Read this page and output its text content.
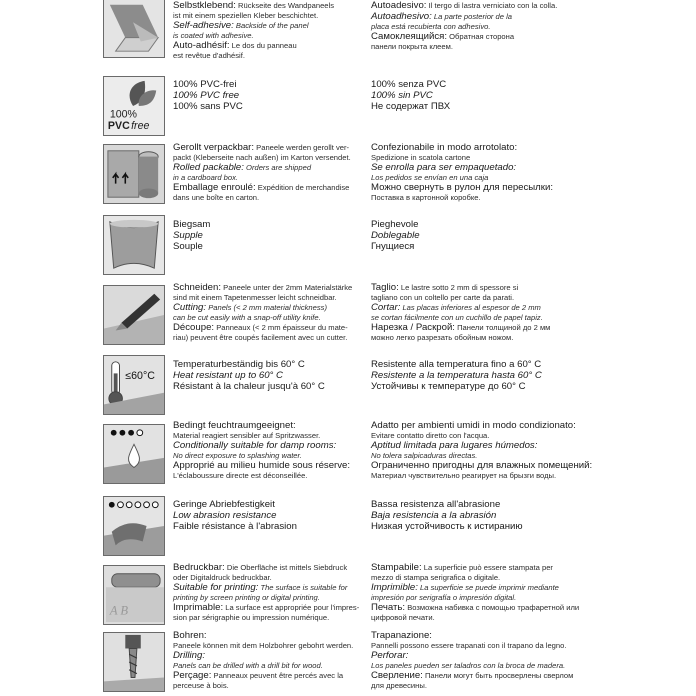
Selbstklebend: Rückseite des Wandpaneels
ist mit einem speziellen Kleber beschichtet.
Self-adhesive: Backside of the panel
is coated with adhesive.
Auto-adhésif: Le dos du panneau
est revêtue d'adhésif.
Autoadesivo: Il tergo di lastra verniciato con la colla.
Autoadhesivo: La parte posterior de la
placa está recubierta con adhesivo.
Самоклеящийся: Обратная сторона
панели покрыта клеем.
100%
PVC free
100% PVC-frei
100% PVC free
100% sans PVC
100% senza PVC
100% sin PVC
Не содержат ПВХ
Gerollt verpackbar: Paneele werden gerollt ver-
packt (Kleberseite nach außen) im Karton versendet.
Rolled packable: Orders are shipped
in a cardboard box.
Emballage enroulé: Expédition de merchandise
dans une boîte en carton.
Confezionabile in modo arrotolato:
Spedizione in scatola cartone
Se enrolla para ser empaquetado:
Los pedidos se envían en una caja
Можно свернуть в рулон для пересылки:
Поставка в картонной коробке.
Biegsam
Supple
Souple
Pieghevole
Doblegable
Гнущиеся
Schneiden: Paneele unter der 2mm Materialstärke
sind mit einem Tapetenmesser leicht schneidbar.
Cutting: Panels (< 2 mm material thickness)
can be cut easily with a snap-off utility knife.
Découpe: Panneaux (< 2 mm épaisseur du mate-
riau) peuvent être coupés facilement avec un cutter.
Taglio: Le lastre sotto 2 mm di spessore si
tagliano con un coltello per carte da parati.
Cortar: Las placas inferiores al espesor de 2 mm
se cortan fácilmente con un cuchillo de papel tapiz.
Нарезка / Раскрой: Панели толщиной до 2 мм
можно легко разрезать обойным ножом.
≤60°C
Temperaturbeständig bis 60° C
Heat resistant up to 60° C
Résistant à la chaleur jusqu'à 60° C
Resistente alla temperatura fino a 60° C
Resistente a la temperatura hasta 60° C
Устойчивы к температуре до 60° C
Bedingt feuchtraumgeeignet:
Material reagiert sensibler auf Spritzwasser.
Conditionally suitable for damp rooms:
No direct exposure to splashing water.
Approprié au milieu humide sous réserve:
L'éclaboussure directe est déconseillée.
Adatto per ambienti umidi in modo condizionato:
Evitare contatto diretto con l'acqua.
Aptitud limitada para lugares húmedos:
No tolera salpicaduras directas.
Ограниченно пригодны для влажных помещений:
Материал чувствительно реагирует на брызги воды.
Geringe Abriebfestigkeit
Low abrasion resistance
Faible résistance à l'abrasion
Bassa resistenza all'abrasione
Baja resistencia a la abrasión
Низкая устойчивость к истиранию
A B
Bedruckbar: Die Oberfläche ist mittels Siebdruck
oder Digitaldruck bedruckbar.
Suitable for printing: The surface is suitable for
printing by screen printing or digital printing.
Imprimable: La surface est appropriée pour l'impres-
sion par sérigraphie ou impression numérique.
Stampabile: La superficie può essere stampata per
mezzo di stampa serigrafica o digitale.
Imprimible: La superficie se puede imprimir mediante
impresión por serigrafía o impresión digital.
Печать: Возможна набивка с помощью трафаретной или
цифровой печати.
Bohren:
Paneele können mit dem Holzbohrer gebohrt werden.
Drilling:
Panels can be drilled with a drill bit for wood.
Perçage: Panneaux peuvent être percés avec la
perceuse à bois.
Trapanazione:
Pannelli possono essere trapanati con il trapano da legno.
Perforar:
Los paneles pueden ser taladros con la broca de madera.
Сверление: Панели могут быть просверлены сверлом
для древесины.
